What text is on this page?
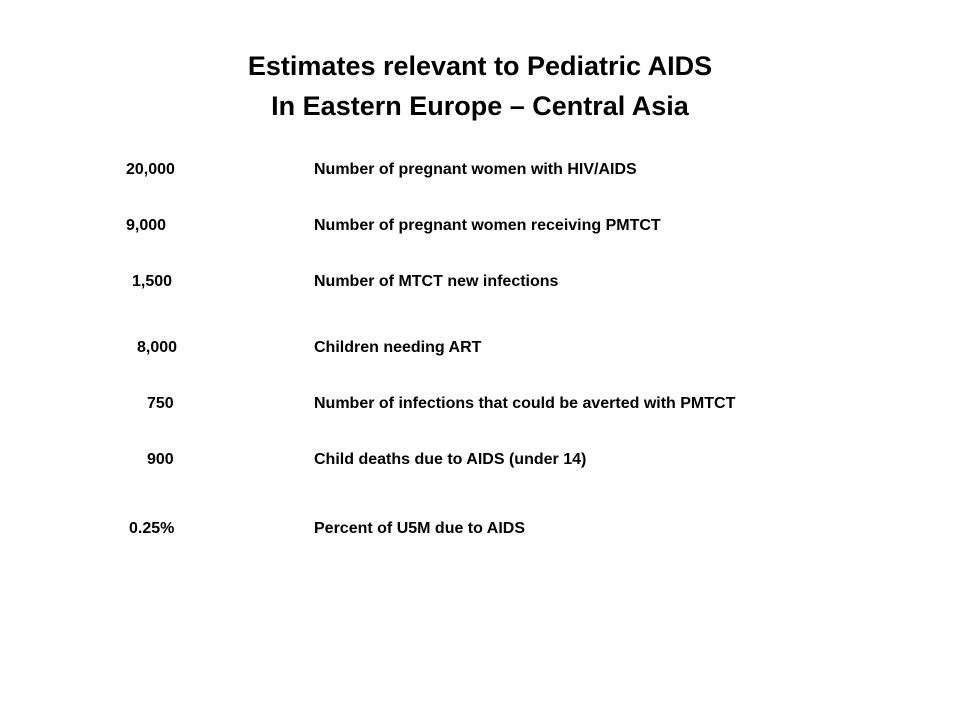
Estimates relevant to Pediatric AIDS
In Eastern Europe – Central Asia
20,000	Number of pregnant women with HIV/AIDS
9,000	Number of pregnant women receiving PMTCT
1,500	Number of MTCT new infections
8,000	Children needing ART
750	Number of infections that could be averted with PMTCT
900	Child deaths due to AIDS (under 14)
0.25%	Percent of U5M due to AIDS
